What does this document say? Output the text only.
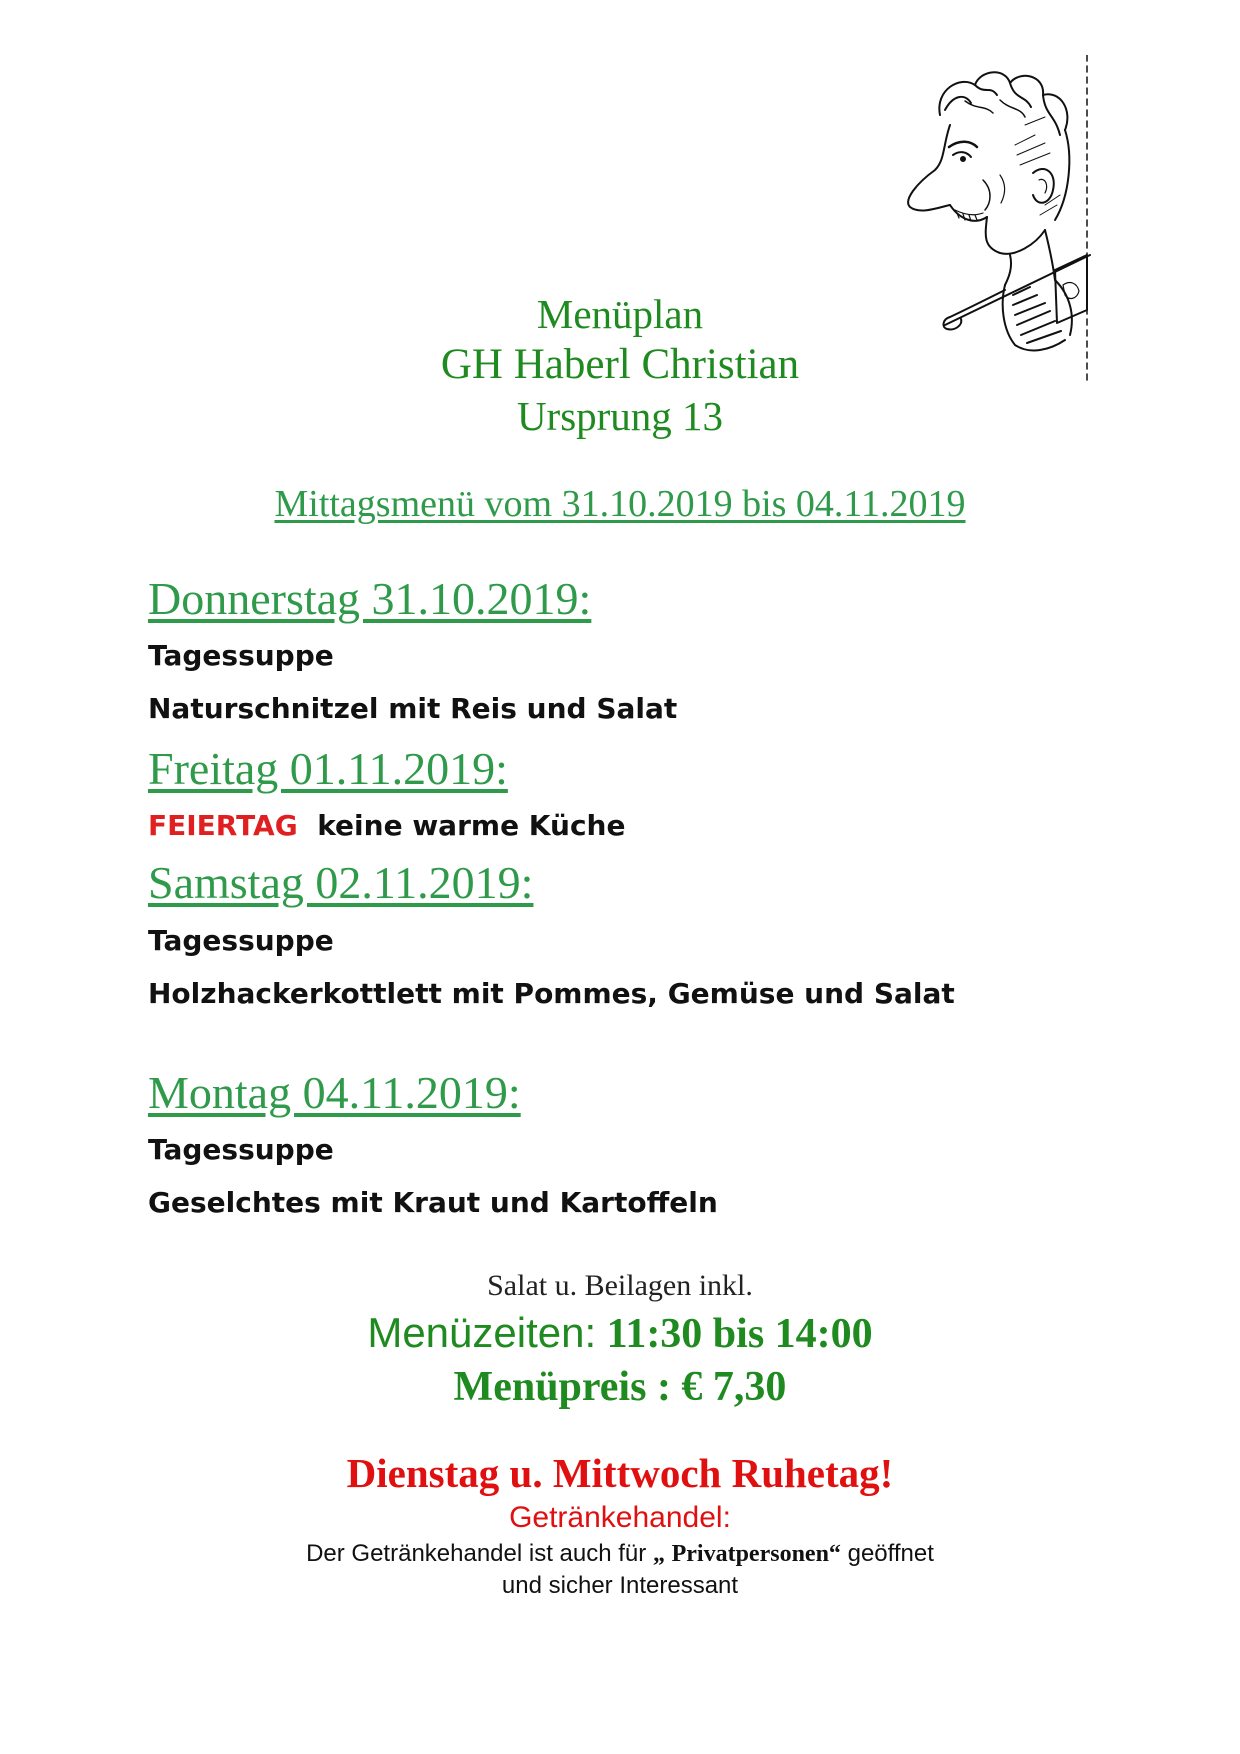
Menüplan
GH Haberl Christian
Ursprung 13
Mittagsmenü vom 31.10.2019 bis 04.11.2019
Donnerstag 31.10.2019:
Tagessuppe
Naturschnitzel mit Reis und Salat
Freitag 01.11.2019:
FEIERTAG keine warme Küche
Samstag 02.11.2019:
Tagessuppe
Holzhackerkottlett mit Pommes, Gemüse und Salat
Montag 04.11.2019:
Tagessuppe
Geselchtes mit Kraut und Kartoffeln
Salat u. Beilagen inkl.
Menüzeiten: 11:30 bis 14:00
Menüpreis : € 7,30
Dienstag u. Mittwoch Ruhetag!
Getränkehandel:
Der Getränkehandel ist auch für „ Privatpersonen“ geöffnet
und sicher Interessant
